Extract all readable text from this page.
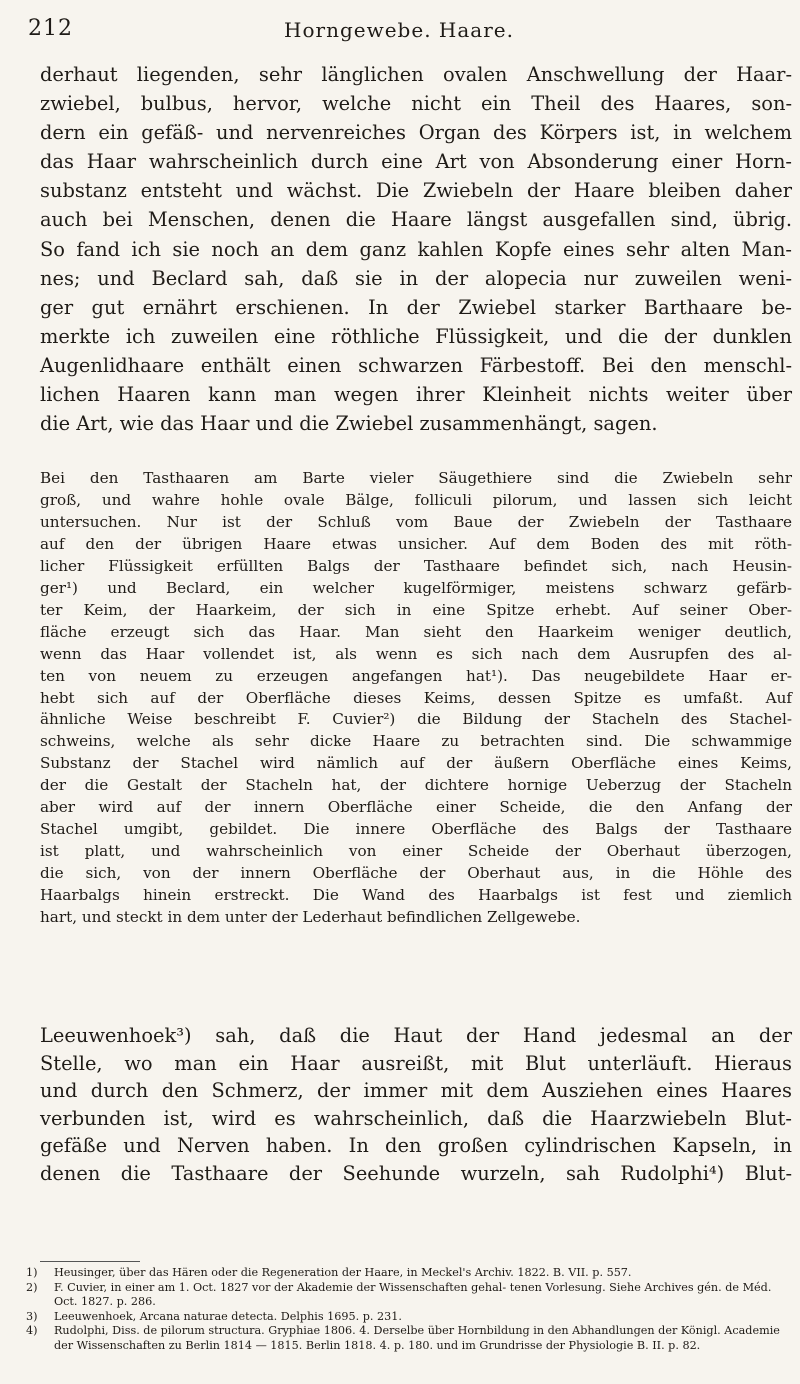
212	Horngewebe. Haare.
derhaut liegenden, sehr länglichen ovalen Anschwellung der Haar-
zwiebel, bulbus, hervor, welche nicht ein Theil des Haares, son-
dern ein gefäß- und nervenreiches Organ des Körpers ist, in welchem
das Haar wahrscheinlich durch eine Art von Absonderung einer Horn-
substanz entsteht und wächst. Die Zwiebeln der Haare bleiben daher
auch bei Menschen, denen die Haare längst ausgefallen sind, übrig.
So fand ich sie noch an dem ganz kahlen Kopfe eines sehr alten Man-
nes; und Beclard sah, daß sie in der alopecia nur zuweilen weni-
ger gut ernährt erschienen. In der Zwiebel starker Barthaare be-
merkte ich zuweilen eine röthliche Flüssigkeit, und die der dunklen
Augenlidhaare enthält einen schwarzen Färbestoff. Bei den menschl-
lichen Haaren kann man wegen ihrer Kleinheit nichts weiter über
die Art, wie das Haar und die Zwiebel zusammenhängt, sagen.
Bei den Tasthaaren am Barte vieler Säugethiere sind die Zwiebeln sehr
groß, und wahre hohle ovale Bälge, folliculi pilorum, und lassen sich leicht
untersuchen. Nur ist der Schluß vom Baue der Zwiebeln der Tasthaare
auf den der übrigen Haare etwas unsicher. Auf dem Boden des mit röth-
licher Flüssigkeit erfüllten Balgs der Tasthaare befindet sich, nach Heusin-
ger¹) und Beclard, ein welcher kugelförmiger, meistens schwarz gefärb-
ter Keim, der Haarkeim, der sich in eine Spitze erhebt. Auf seiner Ober-
fläche erzeugt sich das Haar. Man sieht den Haarkeim weniger deutlich,
wenn das Haar vollendet ist, als wenn es sich nach dem Ausrupfen des al-
ten von neuem zu erzeugen angefangen hat¹). Das neugebildete Haar er-
hebt sich auf der Oberfläche dieses Keims, dessen Spitze es umfaßt. Auf
ähnliche Weise beschreibt F. Cuvier²) die Bildung der Stacheln des Stachel-
schweins, welche als sehr dicke Haare zu betrachten sind. Die schwammige
Substanz der Stachel wird nämlich auf der äußern Oberfläche eines Keims,
der die Gestalt der Stacheln hat, der dichtere hornige Ueberzug der Stacheln
aber wird auf der innern Oberfläche einer Scheide, die den Anfang der
Stachel umgibt, gebildet. Die innere Oberfläche des Balgs der Tasthaare
ist platt, und wahrscheinlich von einer Scheide der Oberhaut überzogen,
die sich, von der innern Oberfläche der Oberhaut aus, in die Höhle des
Haarbalgs hinein erstreckt. Die Wand des Haarbalgs ist fest und ziemlich
hart, und steckt in dem unter der Lederhaut befindlichen Zellgewebe.
Leeuwenhoek³) sah, daß die Haut der Hand jedesmal an der
Stelle, wo man ein Haar ausreißt, mit Blut unterläuft. Hieraus
und durch den Schmerz, der immer mit dem Ausziehen eines Haares
verbunden ist, wird es wahrscheinlich, daß die Haarzwiebeln Blut-
gefäße und Nerven haben. In den großen cylindrischen Kapseln, in
denen die Tasthaare der Seehunde wurzeln, sah Rudolphi⁴) Blut-
1) Heusinger, über das Hären oder die Regeneration der Haare, in Meckel's Archiv. 1822. B. VII. p. 557.
2) F. Cuvier, in einer am 1. Oct. 1827 vor der Akademie der Wissenschaften gehal- tenen Vorlesung. Siehe Archives gén. de Méd. Oct. 1827. p. 286.
3) Leeuwenhoek, Arcana naturae detecta. Delphis 1695. p. 231.
4) Rudolphi, Diss. de pilorum structura. Gryphiae 1806. 4. Derselbe über Hornbildung in den Abhandlungen der Königl. Academie der Wissenschaften zu Berlin 1814 — 1815. Berlin 1818. 4. p. 180. und im Grundrisse der Physiologie B. II. p. 82.
